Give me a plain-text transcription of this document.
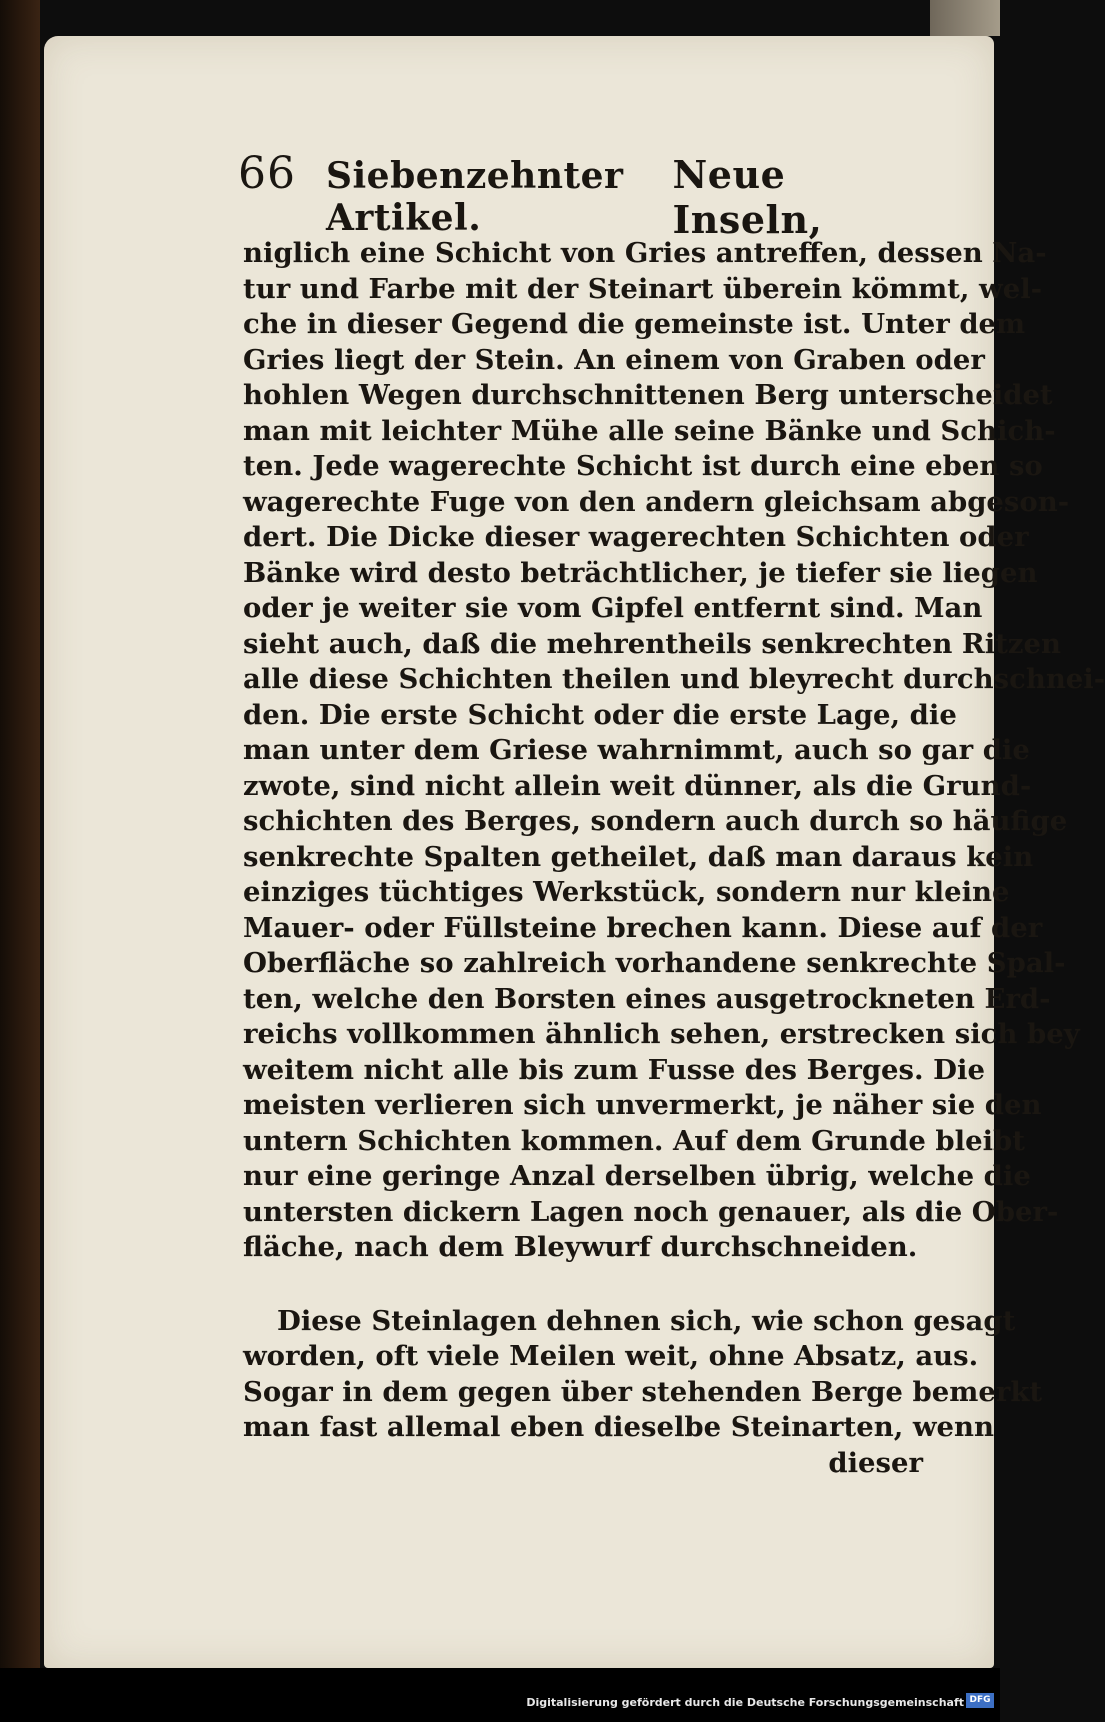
66 Siebenzehnter Artikel.
Neue Inseln,
niglich eine Schicht von Gries antreffen, dessen Na-
tur und Farbe mit der Steinart überein kömmt, wel-
che in dieser Gegend die gemeinste ist. Unter dem
Gries liegt der Stein. An einem von Graben oder
hohlen Wegen durchschnittenen Berg unterscheidet
man mit leichter Mühe alle seine Bänke und Schich-
ten. Jede wagerechte Schicht ist durch eine eben so
wagerechte Fuge von den andern gleichsam abgeson-
dert. Die Dicke dieser wagerechten Schichten oder
Bänke wird desto beträchtlicher, je tiefer sie liegen
oder je weiter sie vom Gipfel entfernt sind. Man
sieht auch, daß die mehrentheils senkrechten Ritzen
alle diese Schichten theilen und bleyrecht durchschnei-
den. Die erste Schicht oder die erste Lage, die
man unter dem Griese wahrnimmt, auch so gar die
zwote, sind nicht allein weit dünner, als die Grund-
schichten des Berges, sondern auch durch so häufige
senkrechte Spalten getheilet, daß man daraus kein
einziges tüchtiges Werkstück, sondern nur kleine
Mauer- oder Füllsteine brechen kann. Diese auf der
Oberfläche so zahlreich vorhandene senkrechte Spal-
ten, welche den Borsten eines ausgetrockneten Erd-
reichs vollkommen ähnlich sehen, erstrecken sich bey
weitem nicht alle bis zum Fusse des Berges. Die
meisten verlieren sich unvermerkt, je näher sie den
untern Schichten kommen. Auf dem Grunde bleibt
nur eine geringe Anzal derselben übrig, welche die
untersten dickern Lagen noch genauer, als die Ober-
fläche, nach dem Bleywurf durchschneiden.
Diese Steinlagen dehnen sich, wie schon gesagt
worden, oft viele Meilen weit, ohne Absatz, aus.
Sogar in dem gegen über stehenden Berge bemerkt
man fast allemal eben dieselbe Steinarten, wenn
dieser
Digitalisierung gefördert durch die Deutsche Forschungsgemeinschaft DFG
